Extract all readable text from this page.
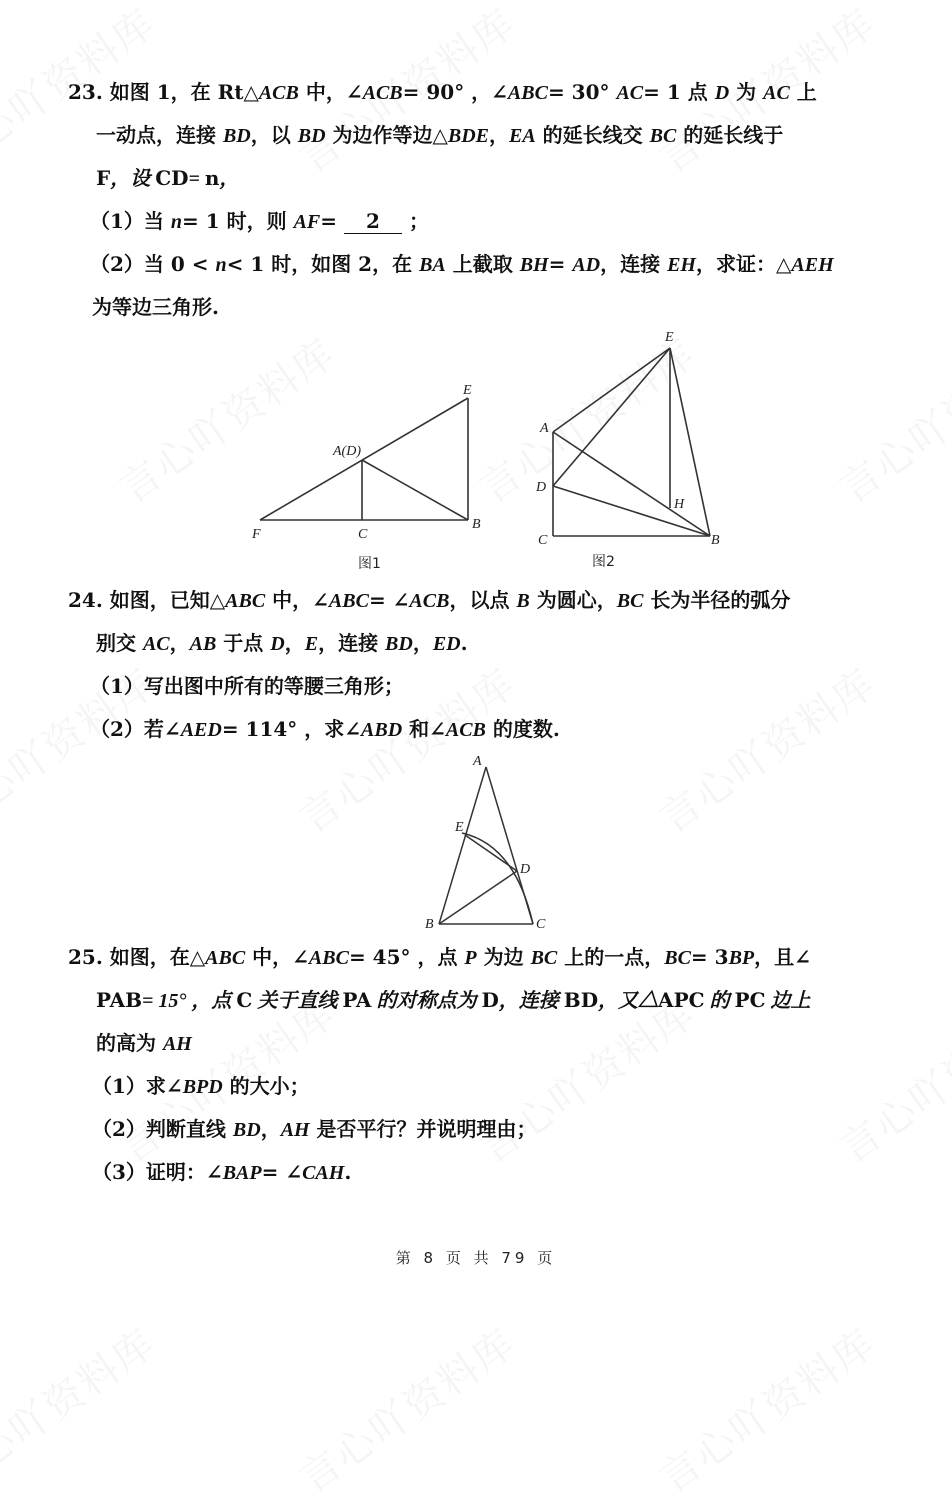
23. 如图 1，在 Rt△ACB 中，∠ACB= 90° ，∠ABC= 30° AC= 1 点 D 为 AC 上
一动点，连接 BD，以 BD 为边作等边△BDE，EA 的延长线交 BC 的延长线于
F，设 CD= n，
（1）当 n= 1 时，则 AF= 2 ；
（2）当 0 < n< 1 时，如图 2，在 BA 上截取 BH= AD，连接 EH，求证：△AEH
为等边三角形.
A(D)
E
F	C
B
图1
E
A
D
H
C	B
图2
24. 如图，已知△ABC 中，∠ABC= ∠ACB，以点 B 为圆心，BC 长为半径的弧分
别交 AC，AB 于点 D，E，连接 BD，ED.
（1）写出图中所有的等腰三角形；
（2）若∠AED= 114° ，求∠ABD 和∠ACB 的度数.
A
E
D
B	C
25. 如图，在△ABC 中，∠ABC= 45° ，点 P 为边 BC 上的一点，BC= 3BP，且∠
PAB= 15° ，点 C 关于直线 PA 的对称点为 D，连接 BD，又△APC 的 PC 边上
的高为 AH
（1）求∠BPD 的大小；
（2）判断直线 BD，AH 是否平行？并说明理由；
（3）证明：∠BAP= ∠CAH.
第 8 页 共 79 页
